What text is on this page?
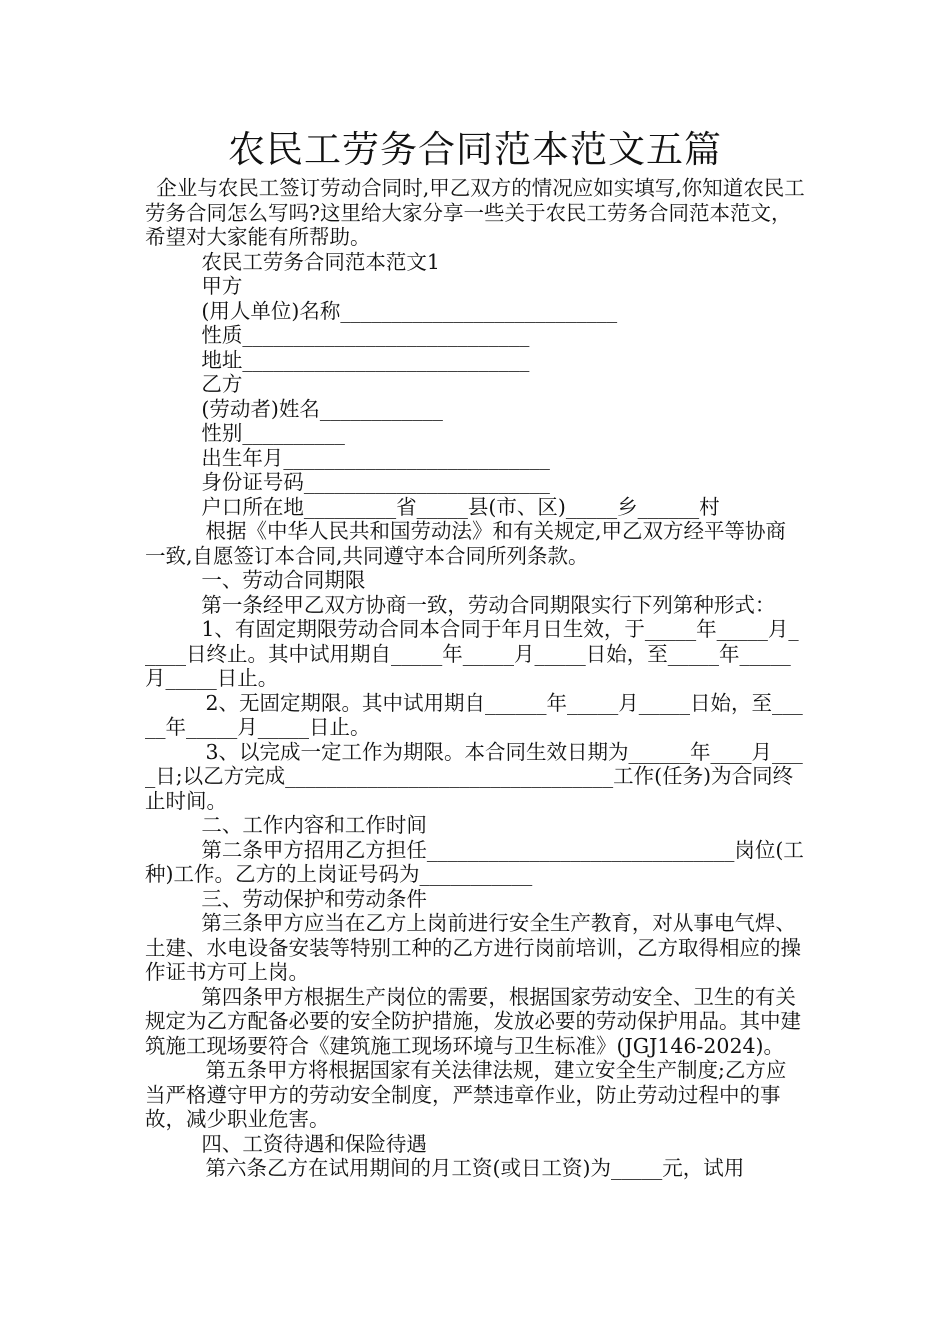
农民工劳务合同范本范文五篇

企业与农民工签订劳动合同时,甲乙双方的情况应如实填写,你知道农民工劳务合同怎么写吗?这里给大家分享一些关于农民工劳务合同范本范文，希望对大家能有所帮助。

农民工劳务合同范本范文1

甲方

(用人单位)名称___________________________

性质____________________________

地址____________________________

乙方

(劳动者)姓名____________

性别__________

出生年月__________________________

身份证号码________________________

户口所在地_________省_____县(市、区)_____乡______村

根据《中华人民共和国劳动法》和有关规定,甲乙双方经平等协商一致,自愿签订本合同,共同遵守本合同所列条款。

一、劳动合同期限

第一条经甲乙双方协商一致，劳动合同期限实行下列第种形式：

1、有固定期限劳动合同本合同于年月日生效，于_____年_____月_____日终止。其中试用期自_____年_____月_____日始，至_____年_____月_____日止。

2、无固定期限。其中试用期自______年_____月_____日始，至_____年_____月_____日止。

3、以完成一定工作为期限。本合同生效日期为______年____月____日;以乙方完成________________________________工作(任务)为合同终止时间。

二、工作内容和工作时间

第二条甲方招用乙方担任______________________________岗位(工种)工作。乙方的上岗证号码为___________

三、劳动保护和劳动条件

第三条甲方应当在乙方上岗前进行安全生产教育，对从事电气焊、土建、水电设备安装等特别工种的乙方进行岗前培训，乙方取得相应的操作证书方可上岗。

第四条甲方根据生产岗位的需要，根据国家劳动安全、卫生的有关规定为乙方配备必要的安全防护措施，发放必要的劳动保护用品。其中建筑施工现场要符合《建筑施工现场环境与卫生标准》(JGJ146-2024)。

第五条甲方将根据国家有关法律法规，建立安全生产制度;乙方应当严格遵守甲方的劳动安全制度，严禁违章作业，防止劳动过程中的事故，减少职业危害。

四、工资待遇和保险待遇

第六条乙方在试用期间的月工资(或日工资)为_____元，试用
